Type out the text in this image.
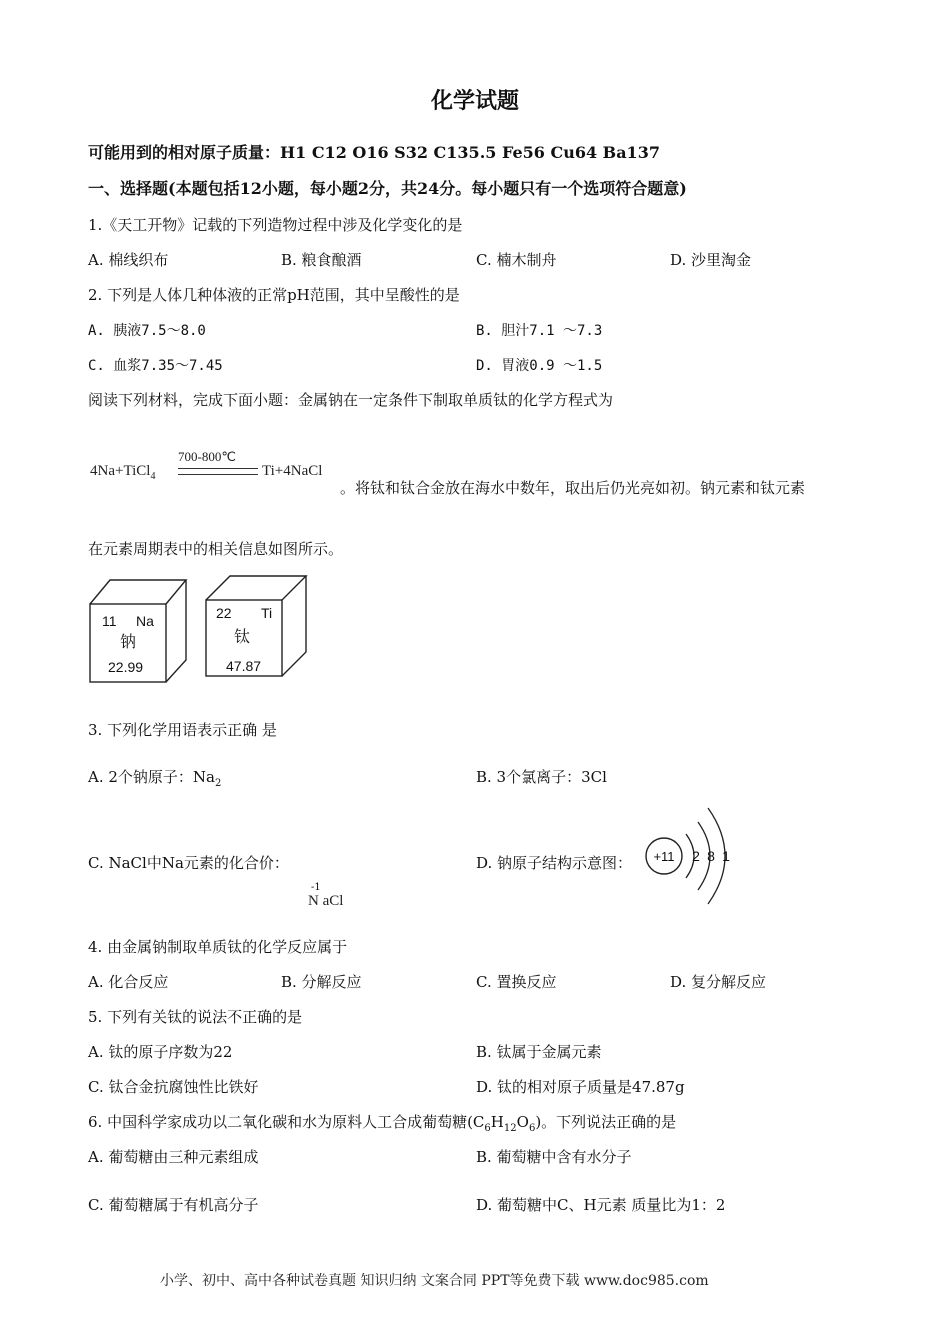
化学试题
可能用到的相对原子质量：H1 C12 O16 S32 C135.5 Fe56 Cu64 Ba137
一、选择题(本题包括12小题，每小题2分，共24分。每小题只有一个选项符合题意)
1.《天工开物》记载的下列造物过程中涉及化学变化的是
A. 棉线织布	B. 粮食酿酒	C. 楠木制舟	D. 沙里淘金
2. 下列是人体几种体液的正常pH范围，其中呈酸性的是
A. 胰液7.5～8.0	B. 胆汁7.1 ～7.3
C. 血浆7.35～7.45	D. 胃液0.9 ～1.5
阅读下列材料，完成下面小题：金属钠在一定条件下制取单质钛的化学方程式为
4Na+TiCl$_4$
700-800℃
Ti+4NaCl
。将钛和钛合金放在海水中数年，取出后仍光亮如初。钠元素和钛元素
在元素周期表中的相关信息如图所示。
11 Na
钠
22.99
22 Ti
钛
47.87
3. 下列化学用语表示正确 是
A. 2个钠原子：$Na_2$	B. 3个氯离子：3Cl
C. NaCl中Na元素的化合价：
-1
N aCl
D. 钠原子结构示意图： +11 2 8 1
4. 由金属钠制取单质钛的化学反应属于
A. 化合反应	B. 分解反应	C. 置换反应	D. 复分解反应
5. 下列有关钛的说法不正确的是
A. 钛的原子序数为22	B. 钛属于金属元素
C. 钛合金抗腐蚀性比铁好	D. 钛的相对原子质量是47.87g
6. 中国科学家成功以二氧化碳和水为原料人工合成葡萄糖$(C_6H_{12}O_6)$。下列说法正确的是
A. 葡萄糖由三种元素组成	B. 葡萄糖中含有水分子
C. 葡萄糖属于有机高分子	D. 葡萄糖中C、H元素 质量比为1：2
小学、初中、高中各种试卷真题 知识归纳 文案合同 PPT等免费下载 www.doc985.com
